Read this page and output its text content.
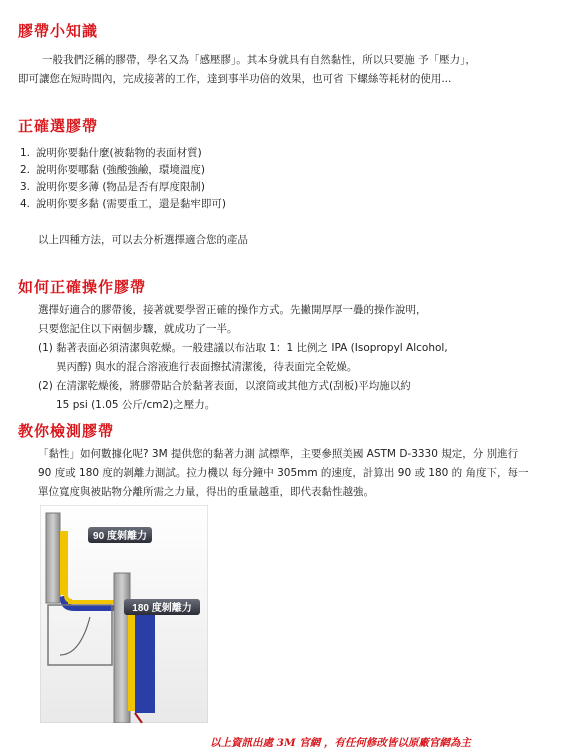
膠帶小知識
一般我們泛稱的膠帶，學名又為「感壓膠」。其本身就具有自然黏性，所以只要施 予「壓力」，
即可讓您在短時間內，完成接著的工作，達到事半功倍的效果，也可省 下螺絲等耗材的使用...
正確選膠帶
1. 說明你要黏什麼(被黏物的表面材質)
2. 說明你要哪黏 (強酸強鹼，環境溫度)
3. 說明你要多薄 (物品是否有厚度限制)
4. 說明你要多黏 (需要重工，還是黏牢即可)
以上四種方法，可以去分析選擇適合您的產品
如何正確操作膠帶
選擇好適合的膠帶後，接著就要學習正確的操作方式。先撇開厚厚一疊的操作說明，
只要您記住以下兩個步驟，就成功了一半。
(1) 黏著表面必須清潔與乾燥。一般建議以布沾取 1：1 比例之 IPA (Isopropyl Alcohol,
異丙醇) 與水的混合溶液進行表面擦拭清潔後，待表面完全乾燥。
(2) 在清潔乾燥後，將膠帶貼合於黏著表面，以滾筒或其他方式(刮板)平均施以約
15 psi (1.05 公斤/cm2)之壓力。
教你檢測膠帶
「黏性」如何數據化呢? 3M 提供您的黏著力測 試標準，主要參照美國 ASTM D-3330 規定，分 別進行
90 度或 180 度的剝離力測試。拉力機以 每分鐘中 305mm 的速度，計算出 90 或 180 的 角度下，每一
單位寬度與被貼物分離所需之力量，得出的重量越重，即代表黏性越強。
90 度剝離力
180 度剝離力
以上資訊出處 3M 官網 ，有任何修改皆以原廠官網為主
